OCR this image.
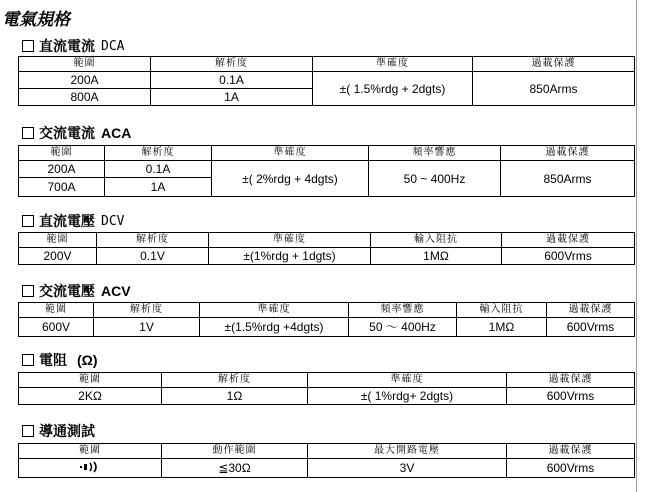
電氣規格
直流電流 DCA
範圍	解析度	準確度	過載保護
200A	0.1A	±( 1.5%rdg + 2dgts)	850Arms
800A	1A		
交流電流 ACA
範圍	解析度	準確度	頻率響應	過載保護
200A	0.1A	±( 2%rdg + 4dgts)	50 ~ 400Hz	850Arms
700A	1A			
直流電壓 DCV
範圍	解析度	準確度	輸入阻抗	過載保護
200V	0.1V	±(1%rdg + 1dgts)	1MΩ	600Vrms
交流電壓 ACV
範圍	解析度	準確度	頻率響應	輸入阻抗	過載保護
600V	1V	±(1.5%rdg +4dgts)	50 ～ 400Hz	1MΩ	600Vrms
電阻 (Ω)
範圍	解析度	準確度	過載保護
2KΩ	1Ω	±( 1%rdg+ 2dgts)	600Vrms
導通測試
範圍	動作範圍	最大開路電壓	過載保護
	≦30Ω	3V	600Vrms
